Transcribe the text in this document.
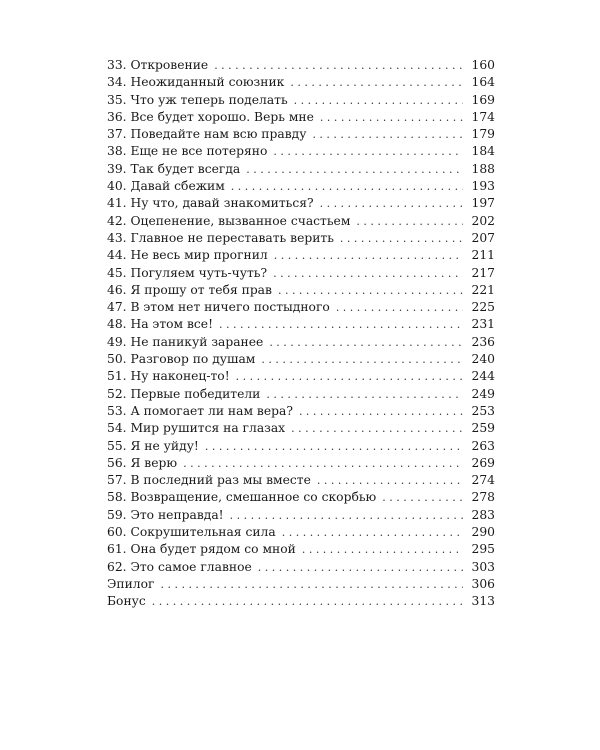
33. Откровение . . .	160
34. Неожиданный союзник . . .	164
35. Что уж теперь поделать . . .	169
36. Все будет хорошо. Верь мне . . .	174
37. Поведайте нам всю правду . . .	179
38. Еще не все потеряно . . .	184
39. Так будет всегда . . .	188
40. Давай сбежим . . .	193
41. Ну что, давай знакомиться? . . .	197
42. Оцепенение, вызванное счастьем . . .	202
43. Главное не переставать верить . . .	207
44. Не весь мир прогнил . . .	211
45. Погуляем чуть-чуть? . . .	217
46. Я прошу от тебя прав . . .	221
47. В этом нет ничего постыдного . . .	225
48. На этом все! . . .	231
49. Не паникуй заранее . . .	236
50. Разговор по душам . . .	240
51. Ну наконец-то! . . .	244
52. Первые победители . . .	249
53. А помогает ли нам вера? . . .	253
54. Мир рушится на глазах . . .	259
55. Я не уйду! . . .	263
56. Я верю . . .	269
57. В последний раз мы вместе . . .	274
58. Возвращение, смешанное со скорбью . . .	278
59. Это неправда! . . .	283
60. Сокрушительная сила . . .	290
61. Она будет рядом со мной . . .	295
62. Это самое главное . . .	303
Эпилог . . .	306
Бонус . . .	313
